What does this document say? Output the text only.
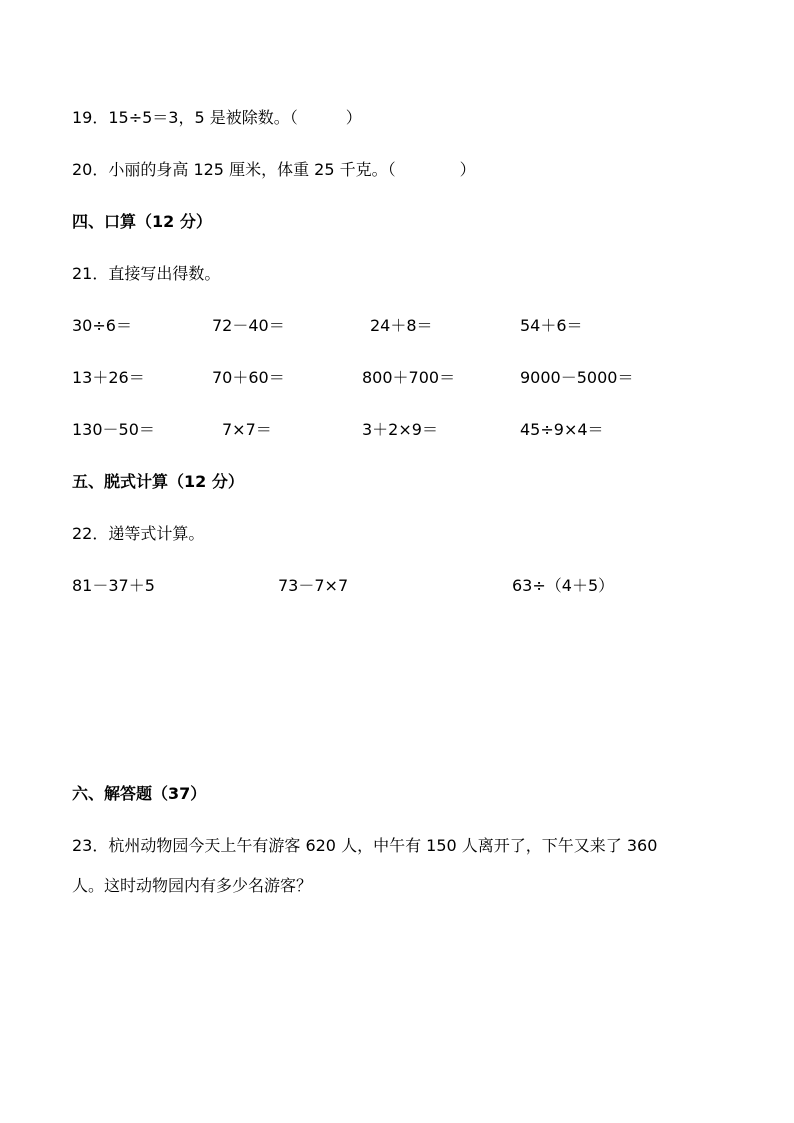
19．15÷5＝3，5 是被除数。（　　　）
20．小丽的身高 125 厘米，体重 25 千克。（　　　　）
四、口算（12 分）
21．直接写出得数。
30÷6＝	72－40＝	24＋8＝	54＋6＝
13＋26＝	70＋60＝	800＋700＝	9000－5000＝
130－50＝	7×7＝	3＋2×9＝	45÷9×4＝
五、脱式计算（12 分）
22．递等式计算。
81－37＋5	73－7×7	63÷（4＋5）
六、解答题（37）
23．杭州动物园今天上午有游客 620 人，中午有 150 人离开了，下午又来了 360
人。这时动物园内有多少名游客？
